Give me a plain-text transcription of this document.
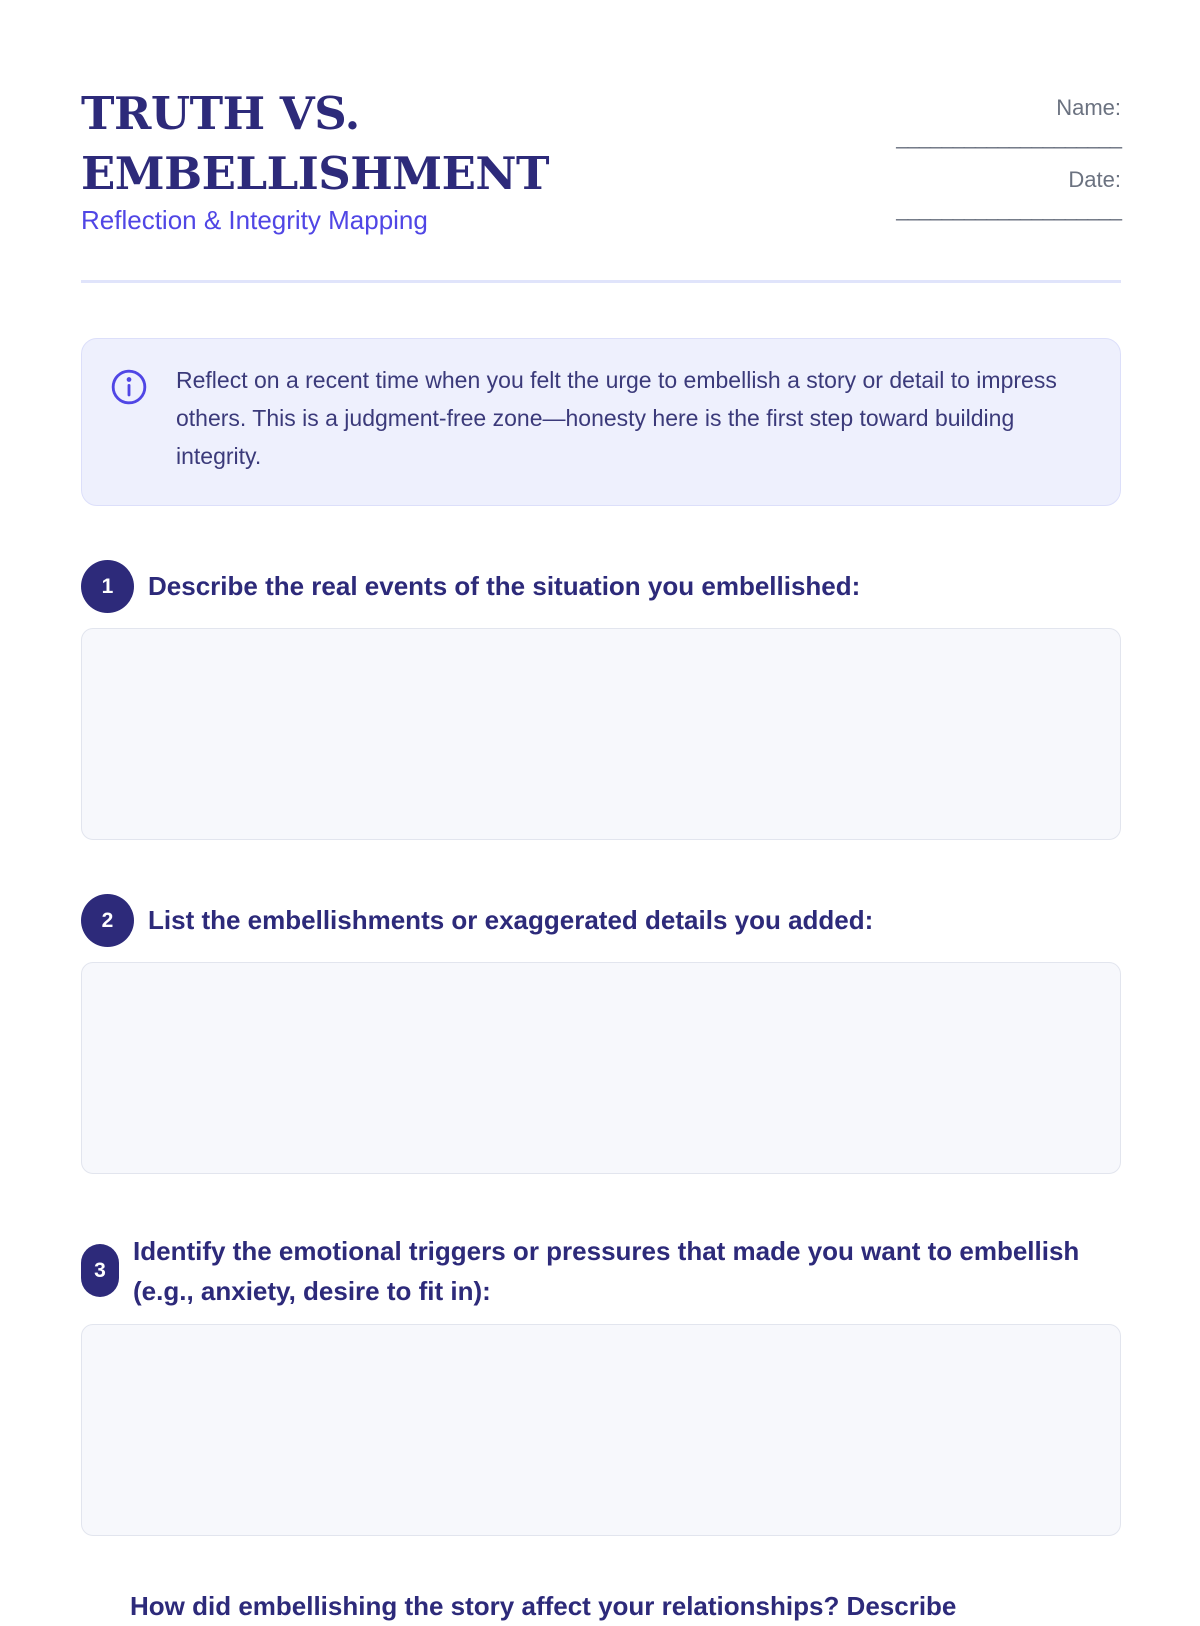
TRUTH VS.
EMBELLISHMENT
Reflection & Integrity Mapping
Name:
____________________
Date:
____________________

Reflect on a recent time when you felt the urge to embellish a story or detail to impress others. This is a judgment-free zone—honesty here is the first step toward building integrity.

1	Describe the real events of the situation you embellished:

2	List the embellishments or exaggerated details you added:

3

Identify the emotional triggers or pressures that made you want to embellish (e.g., anxiety, desire to fit in):

How did embellishing the story affect your relationships? Describe
